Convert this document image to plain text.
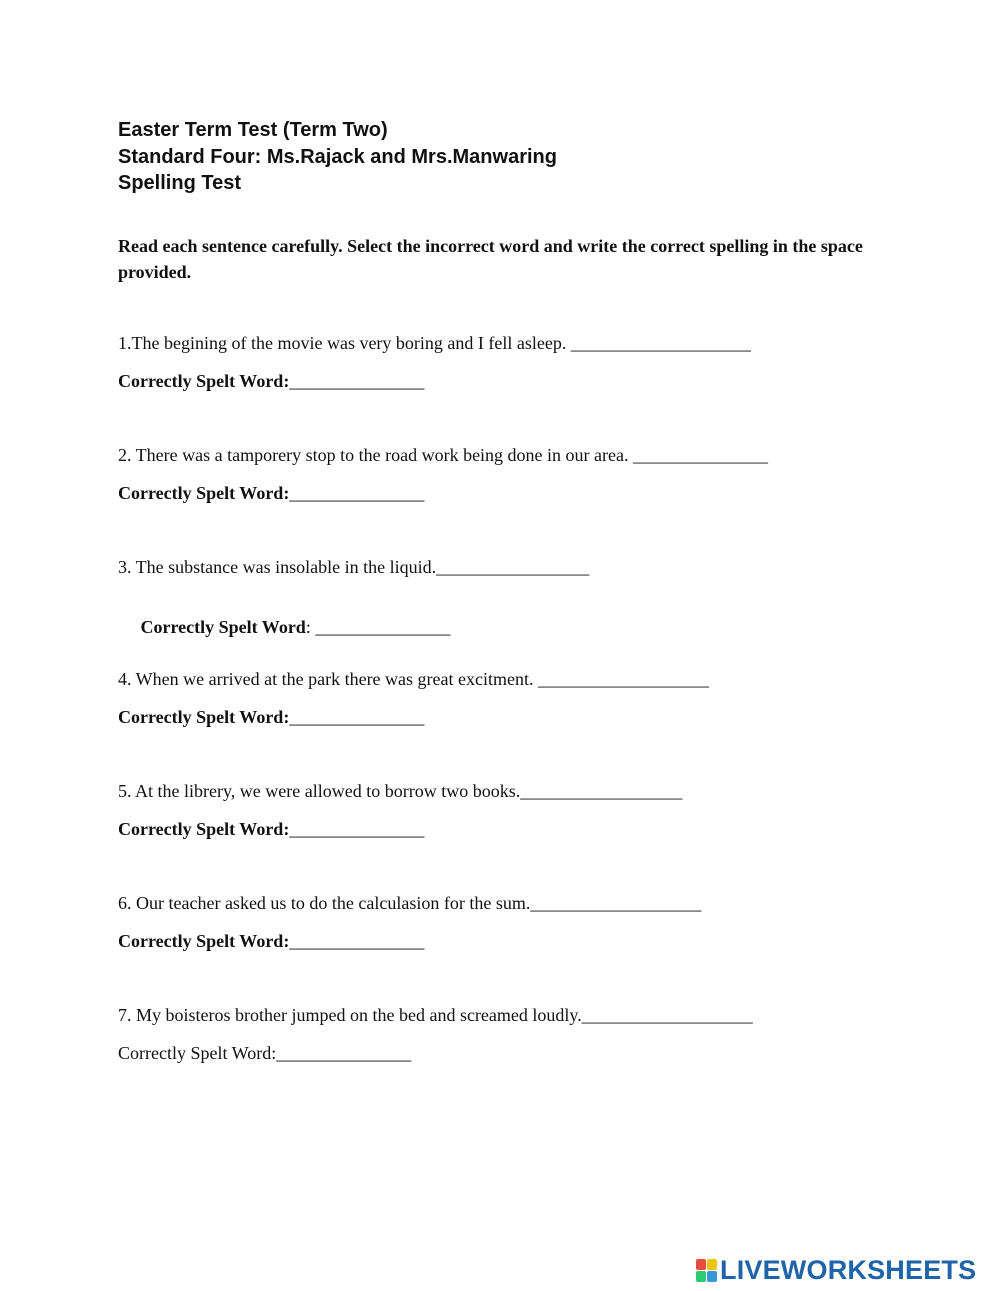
Easter Term Test (Term Two)
Standard Four: Ms.Rajack and Mrs.Manwaring
Spelling Test
Read each sentence carefully. Select the incorrect word and write the correct spelling in the space provided.
1.The begining of the movie was very boring and I fell asleep. ____________________
Correctly Spelt Word:_______________
2. There was a tamporery stop to the road work being done in our area. _______________
Correctly Spelt Word:_______________
3. The substance was insolable in the liquid._________________

Correctly Spelt Word: _______________

4. When we arrived at the park there was great excitment. ___________________
Correctly Spelt Word:_______________
5. At the librery, we were allowed to borrow two books.__________________
Correctly Spelt Word:_______________
6. Our teacher asked us to do the calculasion for the sum.___________________
Correctly Spelt Word:_______________
7. My boisteros brother jumped on the bed and screamed loudly.___________________
Correctly Spelt Word:_______________
LIVEWORKSHEETS
